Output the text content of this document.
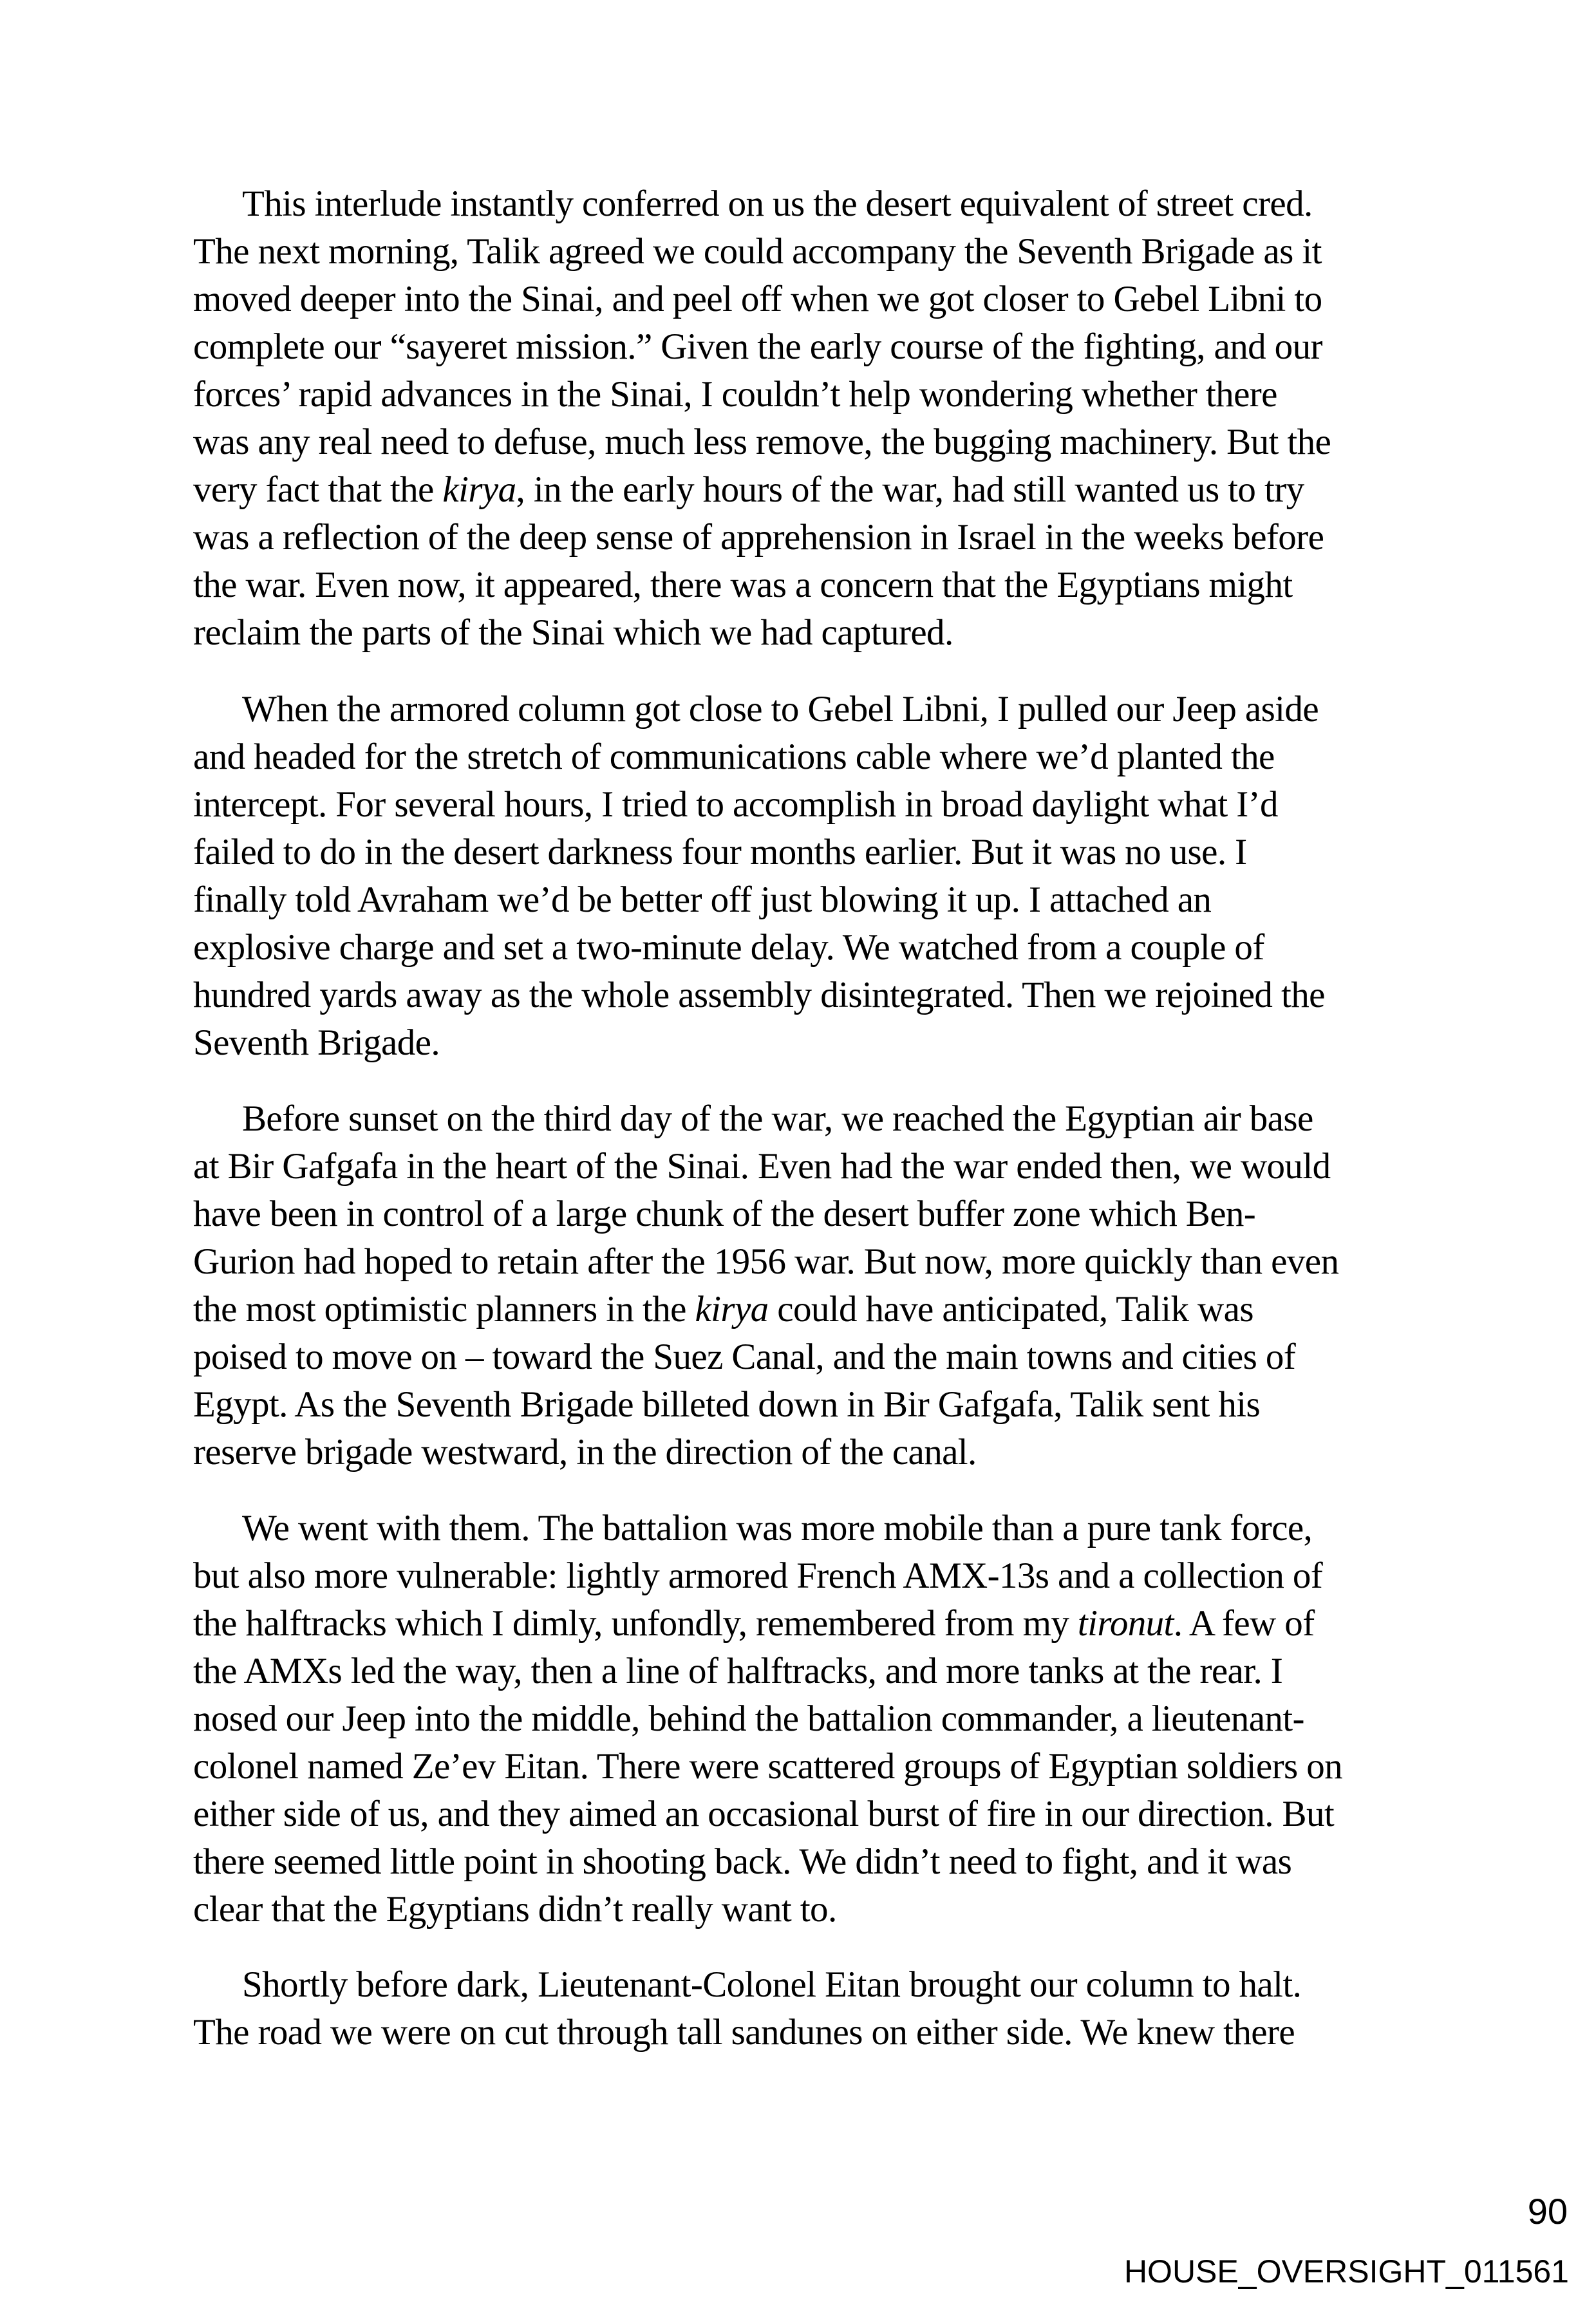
This interlude instantly conferred on us the desert equivalent of street cred.
The next morning, Talik agreed we could accompany the Seventh Brigade as it
moved deeper into the Sinai, and peel off when we got closer to Gebel Libni to
complete our “sayeret mission.” Given the early course of the fighting, and our
forces’ rapid advances in the Sinai, I couldn’t help wondering whether there
was any real need to defuse, much less remove, the bugging machinery. But the
very fact that the kirya, in the early hours of the war, had still wanted us to try
was a reflection of the deep sense of apprehension in Israel in the weeks before
the war. Even now, it appeared, there was a concern that the Egyptians might
reclaim the parts of the Sinai which we had captured.
When the armored column got close to Gebel Libni, I pulled our Jeep aside
and headed for the stretch of communications cable where we’d planted the
intercept. For several hours, I tried to accomplish in broad daylight what I’d
failed to do in the desert darkness four months earlier. But it was no use. I
finally told Avraham we’d be better off just blowing it up. I attached an
explosive charge and set a two-minute delay. We watched from a couple of
hundred yards away as the whole assembly disintegrated. Then we rejoined the
Seventh Brigade.
Before sunset on the third day of the war, we reached the Egyptian air base
at Bir Gafgafa in the heart of the Sinai. Even had the war ended then, we would
have been in control of a large chunk of the desert buffer zone which Ben-
Gurion had hoped to retain after the 1956 war. But now, more quickly than even
the most optimistic planners in the kirya could have anticipated, Talik was
poised to move on – toward the Suez Canal, and the main towns and cities of
Egypt. As the Seventh Brigade billeted down in Bir Gafgafa, Talik sent his
reserve brigade westward, in the direction of the canal.
We went with them. The battalion was more mobile than a pure tank force,
but also more vulnerable: lightly armored French AMX-13s and a collection of
the halftracks which I dimly, unfondly, remembered from my tironut. A few of
the AMXs led the way, then a line of halftracks, and more tanks at the rear. I
nosed our Jeep into the middle, behind the battalion commander, a lieutenant-
colonel named Ze’ev Eitan. There were scattered groups of Egyptian soldiers on
either side of us, and they aimed an occasional burst of fire in our direction. But
there seemed little point in shooting back. We didn’t need to fight, and it was
clear that the Egyptians didn’t really want to.
Shortly before dark, Lieutenant-Colonel Eitan brought our column to halt.
The road we were on cut through tall sandunes on either side. We knew there
90
HOUSE_OVERSIGHT_011561
